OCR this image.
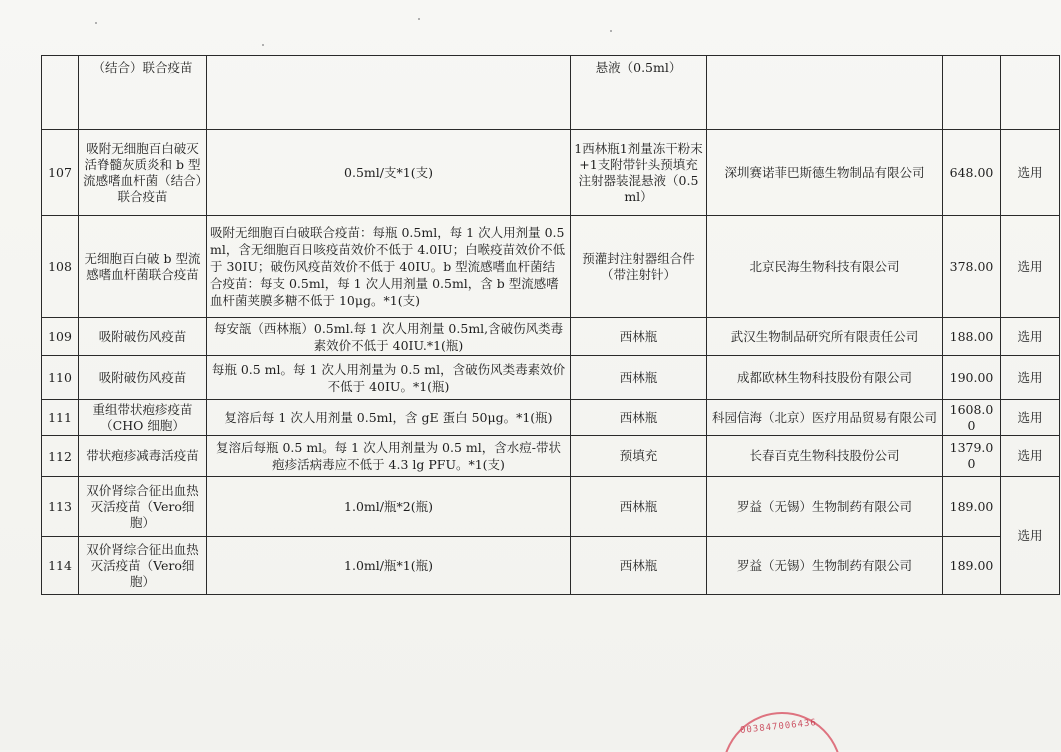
	（结合）联合疫苗		悬液（0.5ml）			
107	吸附无细胞百白破灭活脊髓灰质炎和 b 型流感嗜血杆菌（结合）联合疫苗	0.5ml/支*1(支)	1西林瓶1剂量冻干粉末+1支附带针头预填充注射器装混悬液（0.5ml）	深圳赛诺菲巴斯德生物制品有限公司	648.00	选用
108	无细胞百白破 b 型流感嗜血杆菌联合疫苗	吸附无细胞百白破联合疫苗：每瓶 0.5ml，每 1 次人用剂量 0.5ml，含无细胞百日咳疫苗效价不低于 4.0IU；白喉疫苗效价不低于 30IU；破伤风疫苗效价不低于 40IU。b 型流感嗜血杆菌结合疫苗：每支 0.5ml，每 1 次人用剂量 0.5ml，含 b 型流感嗜血杆菌荚膜多糖不低于 10μg。*1(支)	预灌封注射器组合件（带注射针）	北京民海生物科技有限公司	378.00	选用
109	吸附破伤风疫苗	每安瓿（西林瓶）0.5ml.每 1 次人用剂量 0.5ml,含破伤风类毒素效价不低于 40IU.*1(瓶)	西林瓶	武汉生物制品研究所有限责任公司	188.00	选用
110	吸附破伤风疫苗	每瓶 0.5 ml。每 1 次人用剂量为 0.5 ml，含破伤风类毒素效价不低于 40IU。*1(瓶)	西林瓶	成都欧林生物科技股份有限公司	190.00	选用
111	重组带状疱疹疫苗（CHO 细胞）	复溶后每 1 次人用剂量 0.5ml，含 gE 蛋白 50μg。*1(瓶)	西林瓶	科园信海（北京）医疗用品贸易有限公司	1608.00	选用
112	带状疱疹减毒活疫苗	复溶后每瓶 0.5 ml。每 1 次人用剂量为 0.5 ml，含水痘-带状疱疹活病毒应不低于 4.3 lg PFU。*1(支)	预填充	长春百克生物科技股份公司	1379.00	选用
113	双价肾综合征出血热灭活疫苗（Vero细胞）	1.0ml/瓶*2(瓶)	西林瓶	罗益（无锡）生物制药有限公司	189.00	选用
114	双价肾综合征出血热灭活疫苗（Vero细胞）	1.0ml/瓶*1(瓶)	西林瓶	罗益（无锡）生物制药有限公司	189.00	
003847006436
